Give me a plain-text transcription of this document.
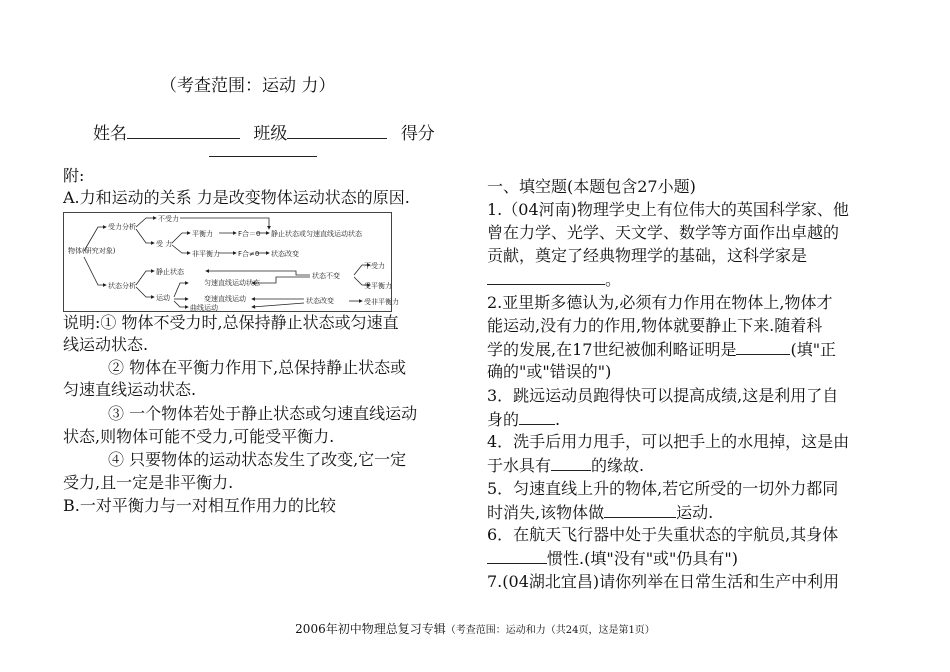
（考查范围：运动 力）
姓名	班级	得分
附:
A.力和运动的关系 力是改变物体运动状态的原因.
物体(研究对象)
受力分析
状态分析
不受力
受 力
平衡力
非平衡力
F合＝0
F合≠0
静止状态或匀速直线运动状态
状态改变
静止状态
运动
匀速直线运动状态
变速直线运动
曲线运动
状态不变
状态改变
不受力
受平衡力
受非平衡力
说明:① 物体不受力时,总保持静止状态或匀速直
线运动状态.
② 物体在平衡力作用下,总保持静止状态或
匀速直线运动状态.
③ 一个物体若处于静止状态或匀速直线运动
状态,则物体可能不受力,可能受平衡力.
④ 只要物体的运动状态发生了改变,它一定
受力,且一定是非平衡力.
B.一对平衡力与一对相互作用力的比较
一、填空题(本题包含27小题)
1.（04河南)物理学史上有位伟大的英国科学家、他
曾在力学、光学、天文学、数学等方面作出卓越的
贡献，奠定了经典物理学的基础，这科学家是
。
2.亚里斯多德认为,必须有力作用在物体上,物体才
能运动,没有力的作用,物体就要静止下来.随着科
学的发展,在17世纪被伽利略证明是	(填"正
确的"或"错误的")
3．跳远运动员跑得快可以提高成绩,这是利用了自
身的 .
4．洗手后用力甩手，可以把手上的水甩掉，这是由
于水具有	的缘故.
5．匀速直线上升的物体,若它所受的一切外力都同
时消失,该物体做	运动.
6．在航天飞行器中处于失重状态的宇航员,其身体
惯性.(填"没有"或"仍具有")
7.(04湖北宜昌)请你列举在日常生活和生产中利用
2006年初中物理总复习专辑（考查范围：运动和力（共24页，这是第1页）
